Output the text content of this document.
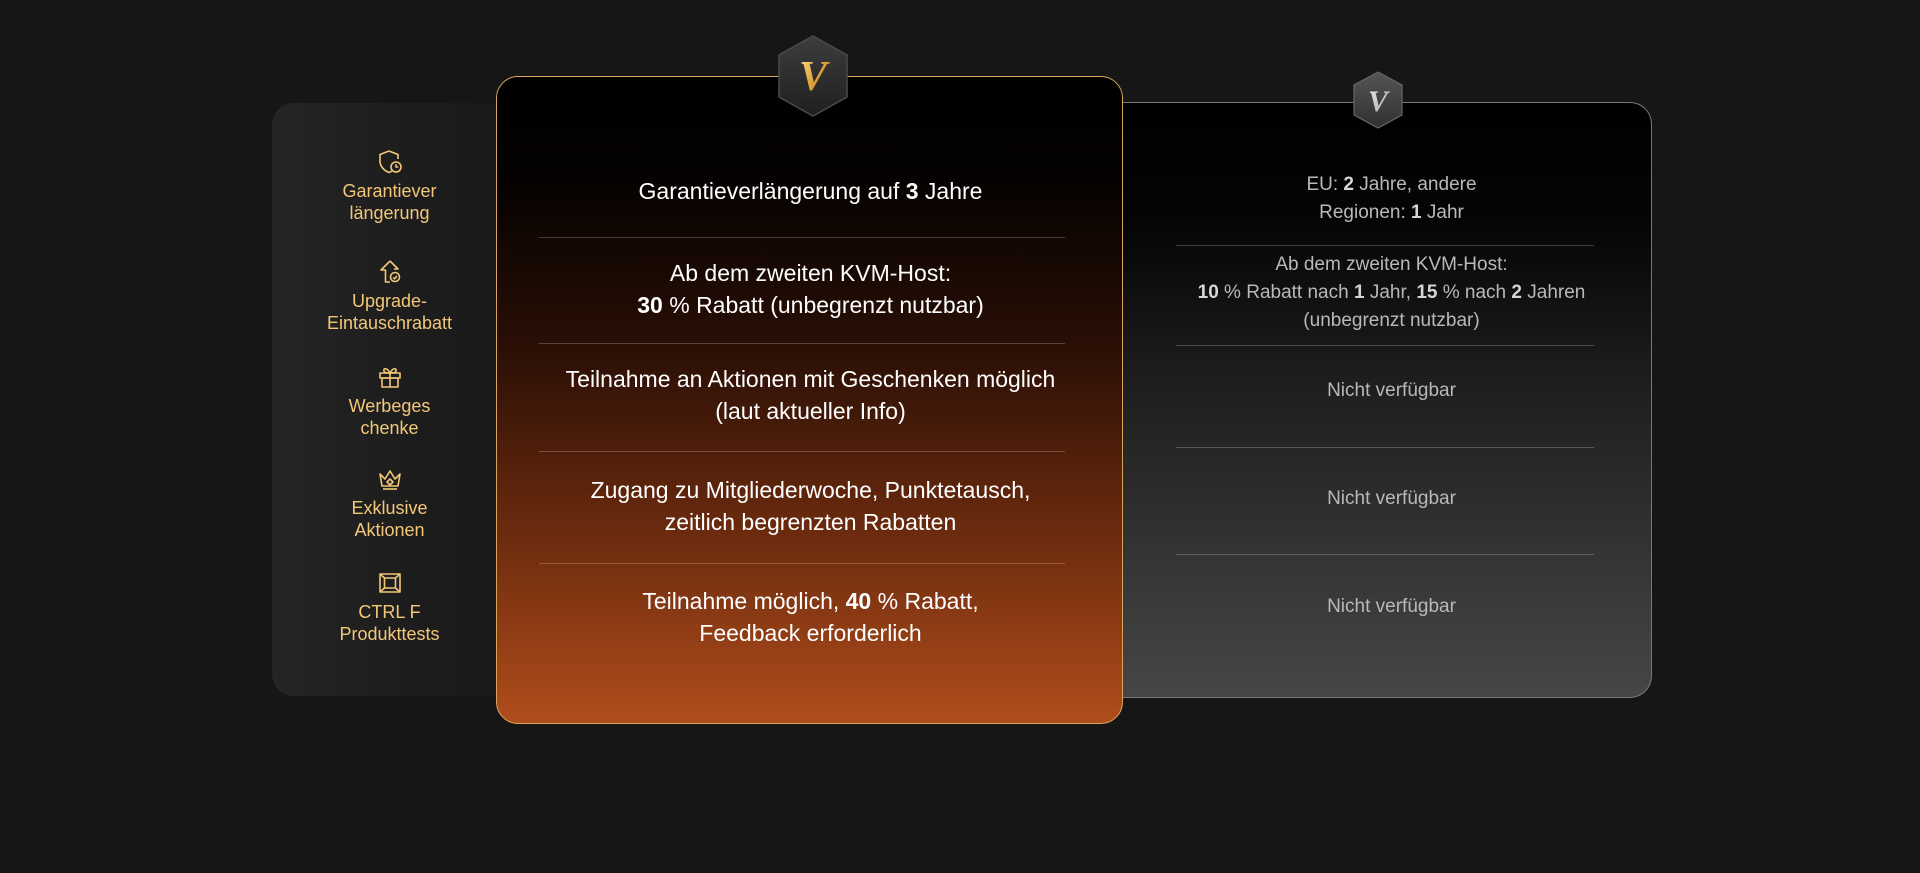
Garantiever
längerung
Upgrade-
Eintauschrabatt
Werbeges
chenke
Exklusive
Aktionen
CTRL F
Produkttests
EU: 2 Jahre, andere
Regionen: 1 Jahr
Ab dem zweiten KVM-Host:
10 % Rabatt nach 1 Jahr, 15 % nach 2 Jahren
(unbegrenzt nutzbar)
Nicht verfügbar
Nicht verfügbar
Nicht verfügbar
Garantieverlängerung auf 3 Jahre
Ab dem zweiten KVM-Host:
30 % Rabatt (unbegrenzt nutzbar)
Teilnahme an Aktionen mit Geschenken möglich
(laut aktueller Info)
Zugang zu Mitgliederwoche, Punktetausch,
zeitlich begrenzten Rabatten
Teilnahme möglich, 40 % Rabatt,
Feedback erforderlich
V
V
